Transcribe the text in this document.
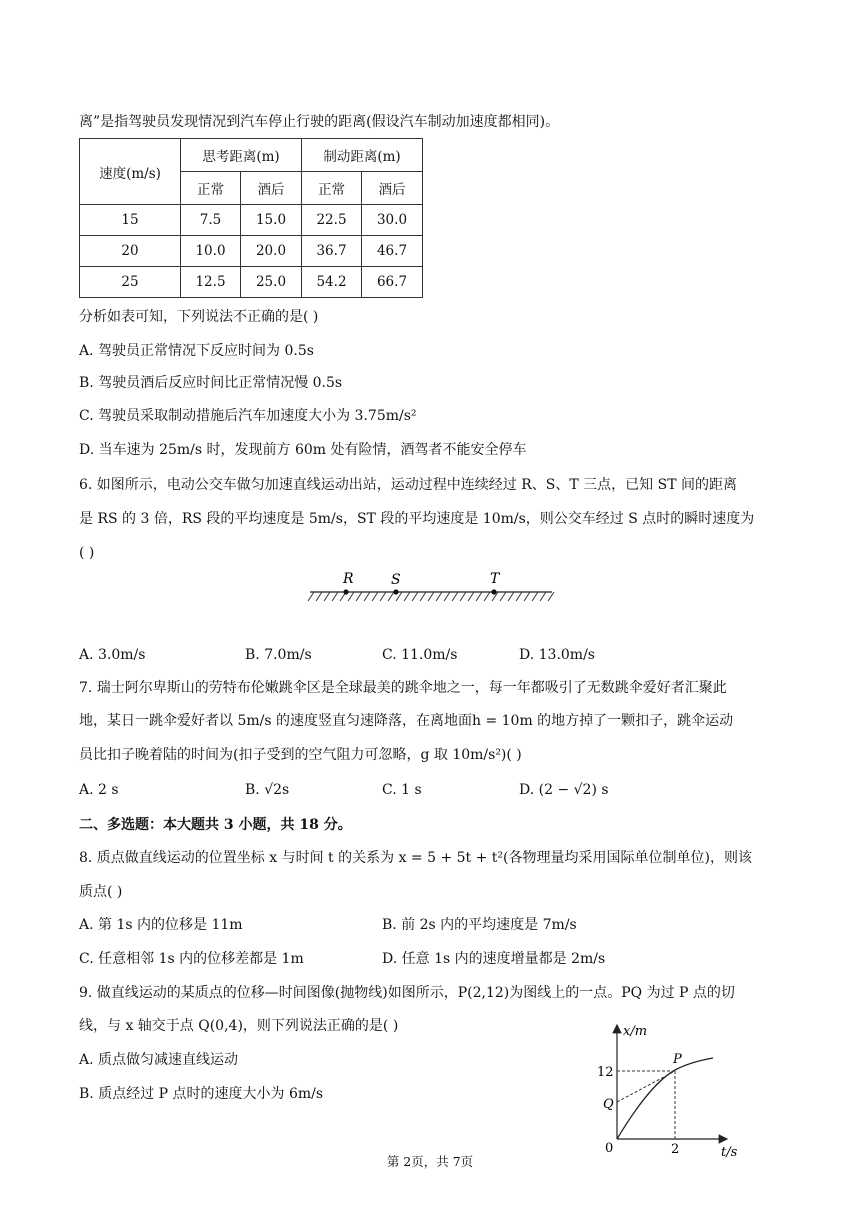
离”是指驾驶员发现情况到汽车停止行驶的距离(假设汽车制动加速度都相同)。
速度(m/s)	思考距离(m)		制动距离(m)	
	正常	酒后	正常	酒后
15	7.5	15.0	22.5	30.0
20	10.0	20.0	36.7	46.7
25	12.5	25.0	54.2	66.7
分析如表可知，下列说法不正确的是( )
A. 驾驶员正常情况下反应时间为 0.5s
B. 驾驶员酒后反应时间比正常情况慢 0.5s
C. 驾驶员采取制动措施后汽车加速度大小为 3.75m/s²
D. 当车速为 25m/s 时，发现前方 60m 处有险情，酒驾者不能安全停车
6. 如图所示，电动公交车做匀加速直线运动出站，运动过程中连续经过 R、S、T 三点，已知 ST 间的距离
是 RS 的 3 倍，RS 段的平均速度是 5m/s，ST 段的平均速度是 10m/s，则公交车经过 S 点时的瞬时速度为
( )
R	S	T
A. 3.0m/s	B. 7.0m/s	C. 11.0m/s	D. 13.0m/s
7. 瑞士阿尔卑斯山的劳特布伦嫩跳伞区是全球最美的跳伞地之一，每一年都吸引了无数跳伞爱好者汇聚此
地，某日一跳伞爱好者以 5m/s 的速度竖直匀速降落，在离地面h = 10m 的地方掉了一颗扣子，跳伞运动
员比扣子晚着陆的时间为(扣子受到的空气阻力可忽略，g 取 10m/s²)( )
A. 2 s	B. √2s	C. 1 s	D. (2 − √2) s
二、多选题：本大题共 3 小题，共 18 分。
8. 质点做直线运动的位置坐标 x 与时间 t 的关系为 x = 5 + 5t + t²(各物理量均采用国际单位制单位)，则该
质点( )
A. 第 1s 内的位移是 11m	B. 前 2s 内的平均速度是 7m/s
C. 任意相邻 1s 内的位移差都是 1m	D. 任意 1s 内的速度增量都是 2m/s
9. 做直线运动的某质点的位移—时间图像(抛物线)如图所示，P(2,12)为图线上的一点。PQ 为过 P 点的切
线，与 x 轴交于点 Q(0,4)，则下列说法正确的是( )
A. 质点做匀减速直线运动
B. 质点经过 P 点时的速度大小为 6m/s
x/m
t/s
12
2
0
P
Q
第 2页，共 7页
